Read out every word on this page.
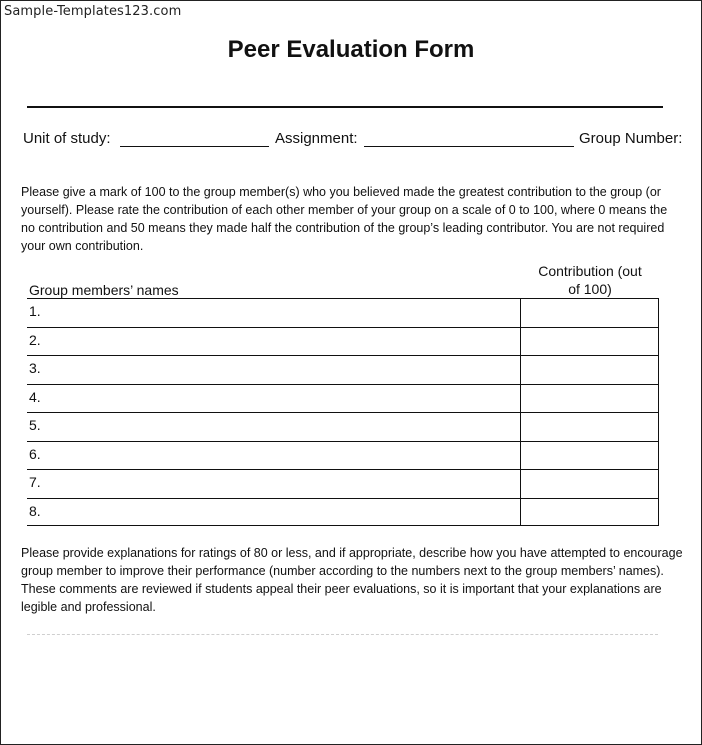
Sample-Templates123.com
Peer Evaluation Form
Unit of study:	Assignment:	Group Number:
Please give a mark of 100 to the group member(s) who you believed made the greatest contribution to the group (or
yourself). Please rate the contribution of each other member of your group on a scale of 0 to 100, where 0 means the
no contribution and 50 means they made half the contribution of the group’s leading contributor. You are not required
your own contribution.
Group members’ names
Contribution (out
of 100)
1.
2.
3.
4.
5.
6.
7.
8.
Please provide explanations for ratings of 80 or less, and if appropriate, describe how you have attempted to encourage
group member to improve their performance (number according to the numbers next to the group members’ names).
These comments are reviewed if students appeal their peer evaluations, so it is important that your explanations are
legible and professional.
